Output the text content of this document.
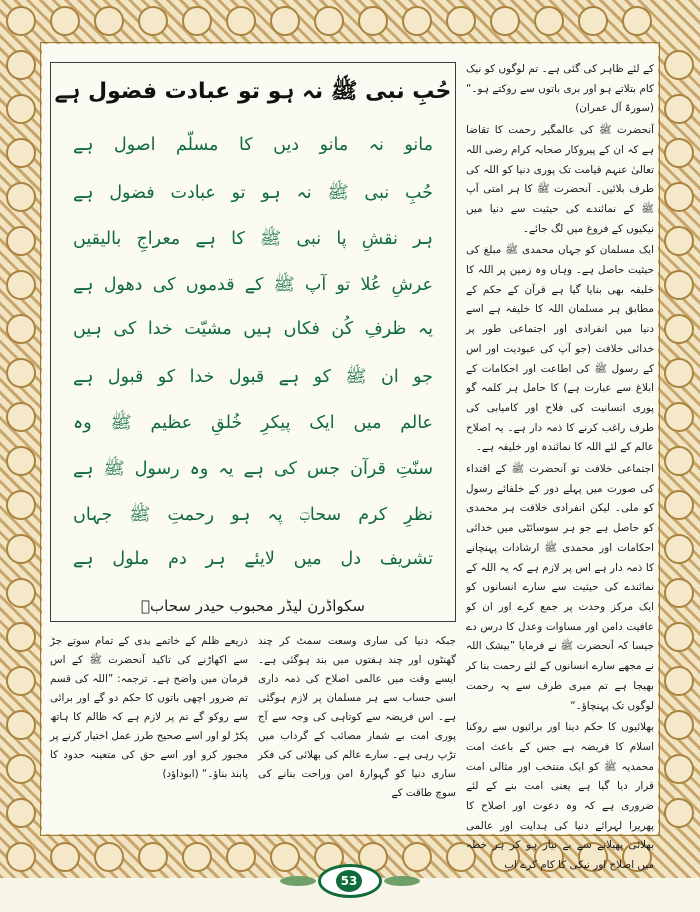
کے لئے ظاہر کی گئی ہے۔ تم لوگوں کو نیک کام بتلاتے ہو اور بری باتوں سے روکتے ہو۔“ (سورۃ آل عمران)

آنحضرت ﷺ کی عالمگیر رحمت کا تقاضا ہے کہ ان کے پیروکار صحابہ کرام رضی اللہ تعالیٰ عنہم قیامت تک پوری دنیا کو اللہ کی طرف بلائیں۔ آنحضرت ﷺ کا ہر امتی آپ ﷺ کے نمائندے کی حیثیت سے دنیا میں نیکیوں کے فروغ میں لگ جائے۔

ایک مسلمان کو جہاں محمدی ﷺ مبلغ کی حیثیت حاصل ہے۔ وہاں وہ زمین پر اللہ کا خلیفہ بھی بنایا گیا ہے قرآن کے حکم کے مطابق ہر مسلمان اللہ کا خلیفہ ہے اسے دنیا میں انفرادی اور اجتماعی طور پر خدائی خلافت (جو آپ کی عبودیت اور اس کے رسول ﷺ کی اطاعت اور احکامات کے ابلاغ سے عبارت ہے) کا حامل ہر کلمہ گو پوری انسانیت کی فلاح اور کامیابی کی طرف راغب کرنے کا ذمہ دار ہے۔ یہ اصلاح عالم کے لئے اللہ کا نمائندہ اور خلیفہ ہے۔

اجتماعی خلافت تو آنحضرت ﷺ کے اقتداء کی صورت میں پہلے دور کے خلفائے رسول کو ملی۔ لیکن انفرادی خلافت ہر محمدی کو حاصل ہے جو ہر سوسائٹی میں خدائی احکامات اور محمدی ﷺ ارشادات پہنچانے کا ذمہ دار ہے اس پر لازم ہے کہ یہ اللہ کے نمائندے کی حیثیت سے سارے انسانوں کو ایک مرکز وحدت پر جمع کرے اور ان کو عافیت دامن اور مساوات وعدل کا درس دے جیسا کہ آنحضرت ﷺ نے فرمایا ”بیشک اللہ نے مجھے سارے انسانوں کے لئے رحمت بنا کر بھیجا ہے تم میری طرف سے یہ رحمت لوگوں تک پہنچاؤ۔“

بھلائیوں کا حکم دینا اور برائیوں سے روکنا اسلام کا فریضہ ہے جس کے باعث امت محمدیہ ﷺ کو ایک منتخب اور مثالی امت قرار دیا گیا ہے یعنی امت بنے کے لئے ضروری ہے کہ وہ دعوت اور اصلاح کا پھریرا لہرائے دنیا کی ہدایت اور عالمی بھلائی پھیلانے سے بے نیاز ہو کر ہر خطہ میں اصلاح اور نیکی کا کام کرے اب

حُبِ نبی ﷺ نہ ہو تو عبادت فضول ہے
مانو نہ مانو دیں کا مسلّم اصول ہے
حُبِ نبی ﷺ نہ ہو تو عبادت فضول ہے
ہر نقشِ پا نبی ﷺ کا ہے معراجِ بالیقیں
عرشِ عُلا تو آپ ﷺ کے قدموں کی دھول ہے
یہ ظرفِ کُن فکاں ہیں مشیّت خدا کی ہیں
جو ان ﷺ کو ہے قبول خدا کو قبول ہے
عالم میں ایک پیکرِ خُلقِ عظیم ﷺ وہ
سنّتِ قرآن جس کی ہے یہ وہ رسول ﷺ ہے
نظرِ کرم سحابؔ پہ ہو رحمتِ ﷺ جہاں
تشریف دل میں لایئے ہر دم ملول ہے
سکواڈرن لیڈر محبوب حیدر سحابؔ

جبکہ دنیا کی ساری وسعت سمٹ کر چند گھنٹوں اور چند ہفتوں میں بند ہوگئی ہے۔ ایسے وقت میں عالمی اصلاح کی ذمہ داری اسی حساب سے ہر مسلمان پر لازم ہوگئی ہے۔ اس فریضہ سے کوتاہی کی وجہ سے آج پوری امت بے شمار مصائب کے گرداب میں تڑپ رہی ہے۔ سارے عالم کی بھلائی کی فکر ساری دنیا کو گہوارۂ امن وراحت بنانے کی سوچ طاقت کے

ذریعے ظلم کے خاتمے بدی کے تمام سوتے جڑ سے اکھاڑنے کی تاکید آنحضرت ﷺ کے اس فرمان میں واضح ہے۔ ترجمہ: ”اللہ کی قسم تم ضرور اچھی باتوں کا حکم دو گے اور برائی سے روکو گے تم پر لازم ہے کہ ظالم کا ہاتھ پکڑ لو اور اسے صحیح طرز عمل اختیار کرنے پر مجبور کرو اور اسے حق کی متعینہ حدود کا پابند بناؤ۔“ (ابوداؤد)

53
